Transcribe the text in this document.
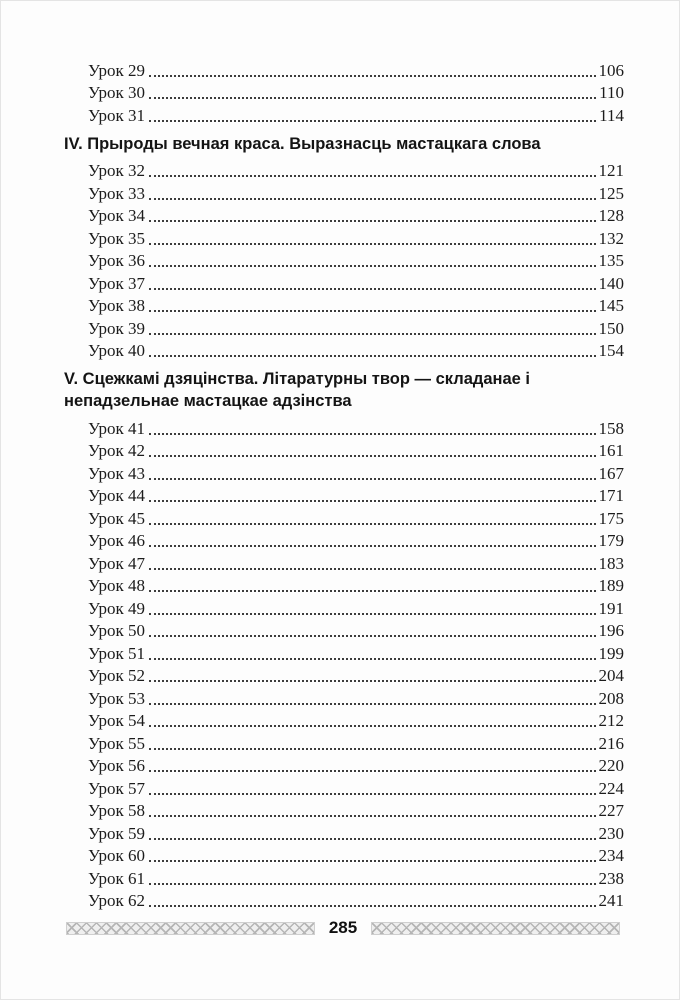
Урок 29	106
Урок 30	110
Урок 31	114
IV. Прыроды вечная краса. Выразнасць мастацкага слова
Урок 32	121
Урок 33	125
Урок 34	128
Урок 35	132
Урок 36	135
Урок 37	140
Урок 38	145
Урок 39	150
Урок 40	154
V. Сцежкамі дзяцінства. Літаратурны твор — складанае і непадзельнае мастацкае адзінства
Урок 41	158
Урок 42	161
Урок 43	167
Урок 44	171
Урок 45	175
Урок 46	179
Урок 47	183
Урок 48	189
Урок 49	191
Урок 50	196
Урок 51	199
Урок 52	204
Урок 53	208
Урок 54	212
Урок 55	216
Урок 56	220
Урок 57	224
Урок 58	227
Урок 59	230
Урок 60	234
Урок 61	238
Урок 62	241
285
